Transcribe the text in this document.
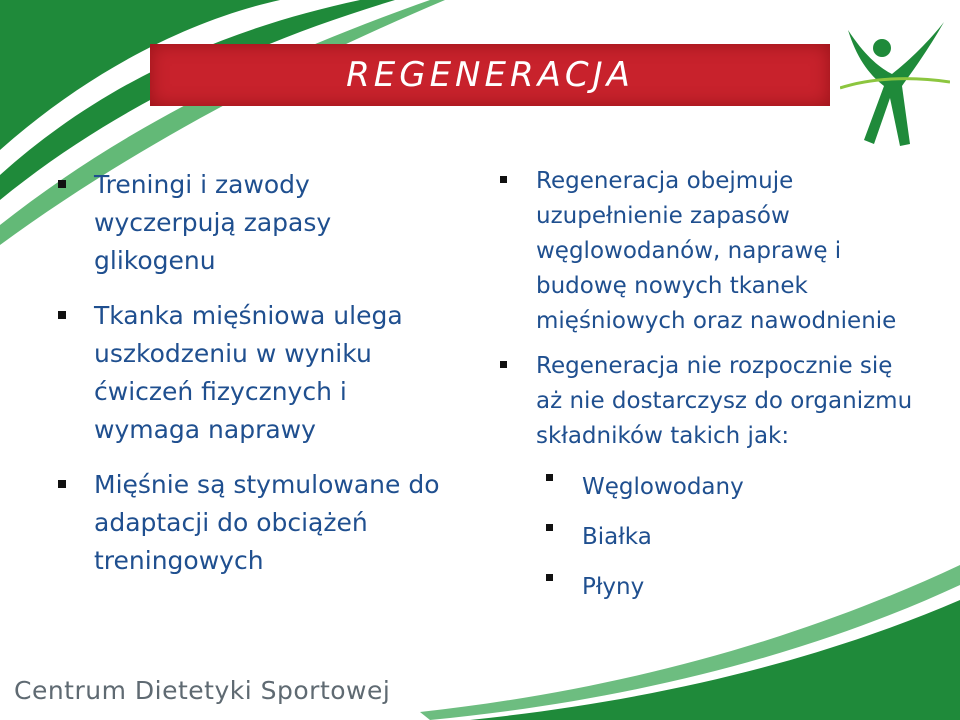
REGENERACJA
Treningi i zawody wyczerpują zapasy glikogenu
Tkanka mięśniowa ulega uszkodzeniu w wyniku ćwiczeń fizycznych i wymaga naprawy
Mięśnie są stymulowane do adaptacji do obciążeń treningowych
Regeneracja obejmuje uzupełnienie zapasów węglowodanów, naprawę i budowę nowych tkanek mięśniowych oraz nawodnienie
Regeneracja nie rozpocznie się aż nie dostarczysz do organizmu składników takich jak:
Węglowodany
Białka
Płyny
Centrum Dietetyki Sportowej
